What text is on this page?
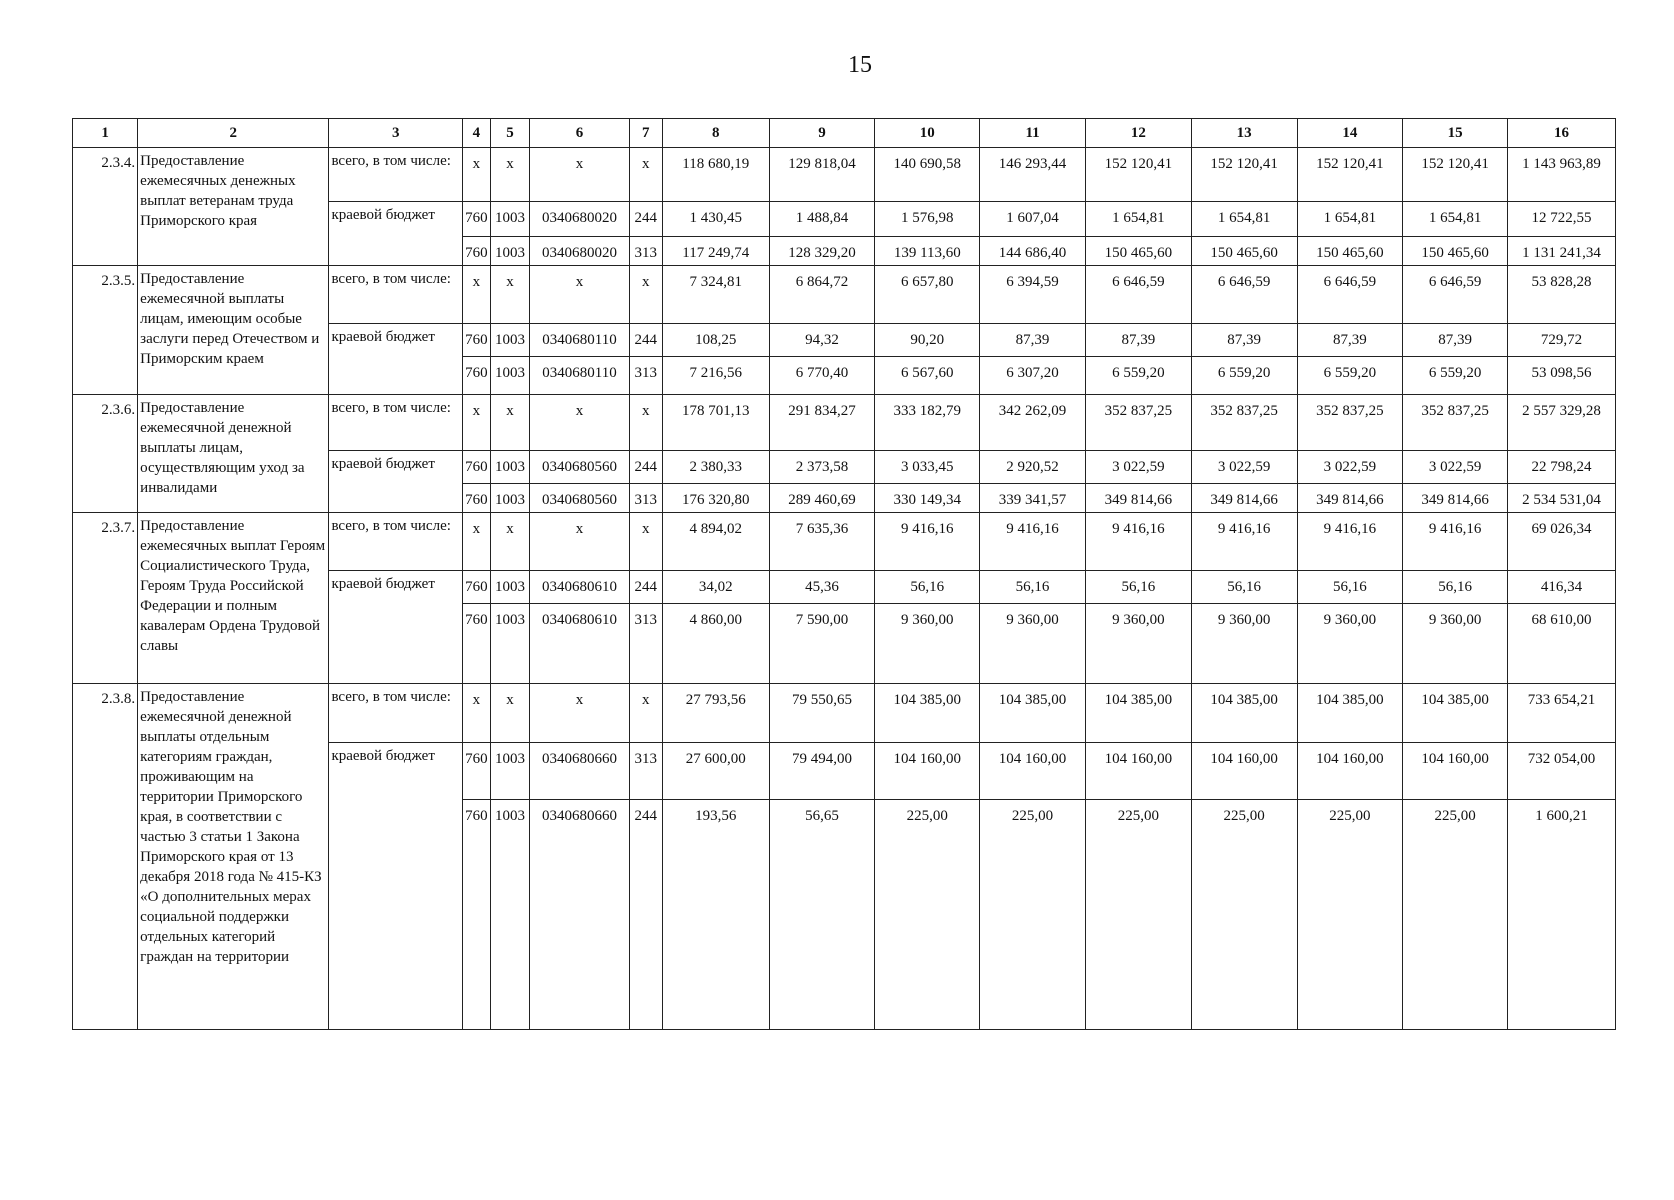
15
1	2	3	4	5	6	7	8	9	10	11	12	13	14	15	16
2.3.4.	Предоставление ежемесячных денежных выплат ветеранам труда Приморского края	всего, в том числе:	х	х	х	х	118 680,19	129 818,04	140 690,58	146 293,44	152 120,41	152 120,41	152 120,41	152 120,41	1 143 963,89
		краевой бюджет	760	1003	0340680020	244	1 430,45	1 488,84	1 576,98	1 607,04	1 654,81	1 654,81	1 654,81	1 654,81	12 722,55
			760	1003	0340680020	313	117 249,74	128 329,20	139 113,60	144 686,40	150 465,60	150 465,60	150 465,60	150 465,60	1 131 241,34
2.3.5.	Предоставление ежемесячной выплаты лицам, имеющим особые заслуги перед Отечеством и Приморским краем	всего, в том числе:	х	х	х	х	7 324,81	6 864,72	6 657,80	6 394,59	6 646,59	6 646,59	6 646,59	6 646,59	53 828,28
		краевой бюджет	760	1003	0340680110	244	108,25	94,32	90,20	87,39	87,39	87,39	87,39	87,39	729,72
			760	1003	0340680110	313	7 216,56	6 770,40	6 567,60	6 307,20	6 559,20	6 559,20	6 559,20	6 559,20	53 098,56
2.3.6.	Предоставление ежемесячной денежной выплаты лицам, осуществляющим уход за инвалидами	всего, в том числе:	х	х	х	х	178 701,13	291 834,27	333 182,79	342 262,09	352 837,25	352 837,25	352 837,25	352 837,25	2 557 329,28
		краевой бюджет	760	1003	0340680560	244	2 380,33	2 373,58	3 033,45	2 920,52	3 022,59	3 022,59	3 022,59	3 022,59	22 798,24
			760	1003	0340680560	313	176 320,80	289 460,69	330 149,34	339 341,57	349 814,66	349 814,66	349 814,66	349 814,66	2 534 531,04
2.3.7.	Предоставление ежемесячных выплат Героям Социалистического Труда, Героям Труда Российской Федерации и полным кавалерам Ордена Трудовой славы	всего, в том числе:	х	х	х	х	4 894,02	7 635,36	9 416,16	9 416,16	9 416,16	9 416,16	9 416,16	9 416,16	69 026,34
		краевой бюджет	760	1003	0340680610	244	34,02	45,36	56,16	56,16	56,16	56,16	56,16	56,16	416,34
			760	1003	0340680610	313	4 860,00	7 590,00	9 360,00	9 360,00	9 360,00	9 360,00	9 360,00	9 360,00	68 610,00
2.3.8.	Предоставление ежемесячной денежной выплаты отдельным категориям граждан, проживающим на территории Приморского края, в соответствии с частью 3 статьи 1 Закона Приморского края от 13 декабря 2018 года № 415-КЗ «О дополнительных мерах социальной поддержки отдельных категорий граждан на территории	всего, в том числе:	х	х	х	х	27 793,56	79 550,65	104 385,00	104 385,00	104 385,00	104 385,00	104 385,00	104 385,00	733 654,21
		краевой бюджет	760	1003	0340680660	313	27 600,00	79 494,00	104 160,00	104 160,00	104 160,00	104 160,00	104 160,00	104 160,00	732 054,00
			760	1003	0340680660	244	193,56	56,65	225,00	225,00	225,00	225,00	225,00	225,00	1 600,21
